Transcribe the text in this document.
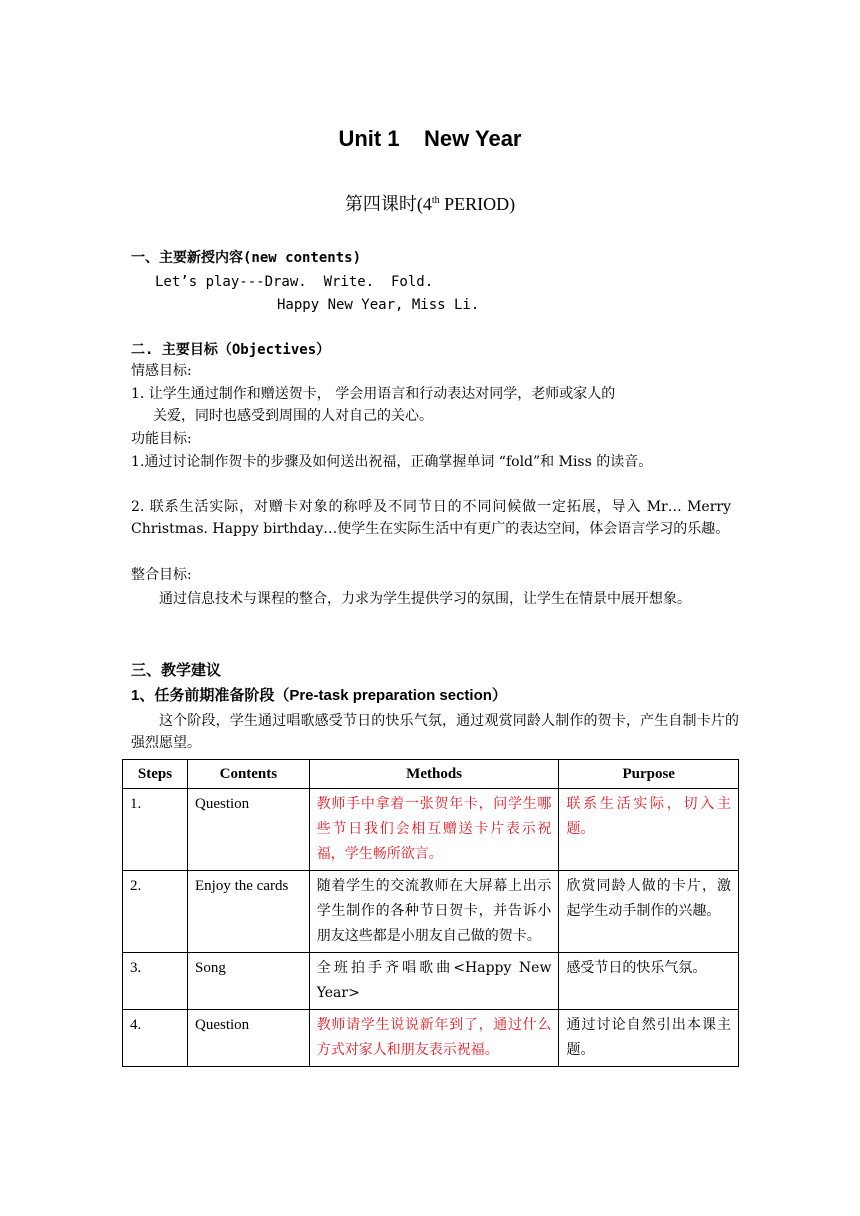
Unit 1    New Year
第四课时(4th PERIOD)
一、主要新授内容(new contents)
Let’s play---Draw.  Write.  Fold.
Happy New Year, Miss Li.
二. 主要目标（Objectives）
情感目标:
1. 让学生通过制作和赠送贺卡， 学会用语言和行动表达对同学，老师或家人的
关爱，同时也感受到周围的人对自己的关心。
功能目标:
1.通过讨论制作贺卡的步骤及如何送出祝福，正确掌握单词 “fold”和 Miss 的读音。
2. 联系生活实际，对赠卡对象的称呼及不同节日的不同问候做一定拓展，导入 Mr… Merry Christmas. Happy birthday…使学生在实际生活中有更广的表达空间，体会语言学习的乐趣。
整合目标:
通过信息技术与课程的整合，力求为学生提供学习的氛围，让学生在情景中展开想象。
三、教学建议
1、任务前期准备阶段（Pre-task preparation section）
这个阶段，学生通过唱歌感受节日的快乐气氛，通过观赏同龄人制作的贺卡，产生自制卡片的强烈愿望。
Steps	Contents	Methods	Purpose
1.	Question	教师手中拿着一张贺年卡，问学生哪些节日我们会相互赠送卡片表示祝福，学生畅所欲言。	联系生活实际，切入主题。
2.	Enjoy the cards	随着学生的交流教师在大屏幕上出示学生制作的各种节日贺卡，并告诉小朋友这些都是小朋友自己做的贺卡。	欣赏同龄人做的卡片，激起学生动手制作的兴趣。
3.	Song	全班拍手齐唱歌曲<Happy New Year>	感受节日的快乐气氛。
4.	Question	教师请学生说说新年到了，通过什么方式对家人和朋友表示祝福。	通过讨论自然引出本课主题。
